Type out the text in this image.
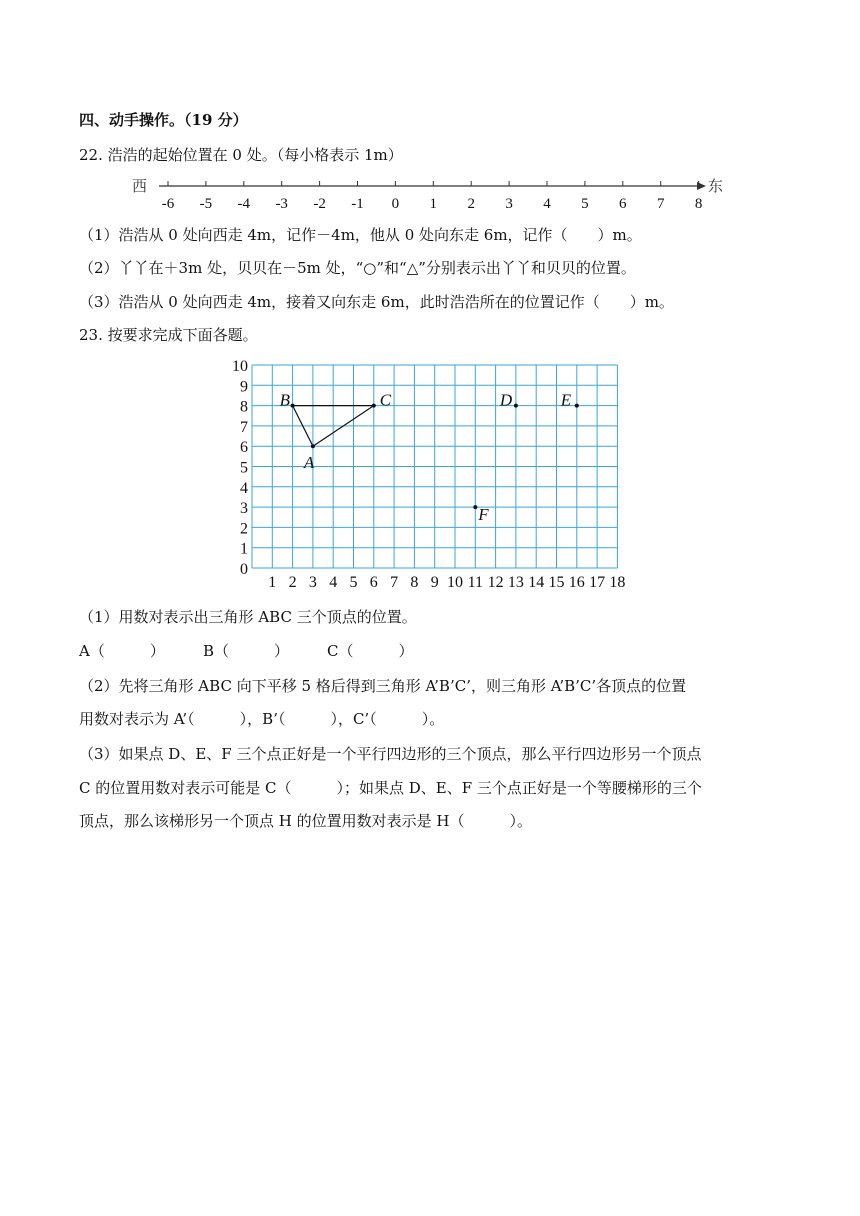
四、动手操作。（19 分）
22. 浩浩的起始位置在 0 处。（每小格表示 1m）
西	东
-6 -5 -4 -3 -2 -1 0 1 2 3 4 5 6 7 8
（1）浩浩从 0 处向西走 4m，记作－4m，他从 0 处向东走 6m，记作（　　）m。
（2）丫丫在＋3m 处，贝贝在－5m 处，“○”和“△”分别表示出丫丫和贝贝的位置。
（3）浩浩从 0 处向西走 4m，接着又向东走 6m，此时浩浩所在的位置记作（　　）m。
23. 按要求完成下面各题。
1 2 3 4 5 6 7 8 9 10 11 12 13 14 15 16 17 18
0
1
2
3
4
5
6
7
8
9
10
A
B	C	D	E
F
（1）用数对表示出三角形 ABC 三个顶点的位置。
A（　　　）	B（　　　）	C（　　　）
（2）先将三角形 ABC 向下平移 5 格后得到三角形 A’B’C’，则三角形 A’B’C’各顶点的位置
用数对表示为 A’（　　　），B’（　　　），C’（　　　）。
（3）如果点 D、E、F 三个点正好是一个平行四边形的三个顶点，那么平行四边形另一个顶点
C 的位置用数对表示可能是 C（　　　）；如果点 D、E、F 三个点正好是一个等腰梯形的三个
顶点，那么该梯形另一个顶点 H 的位置用数对表示是 H（　　　）。
